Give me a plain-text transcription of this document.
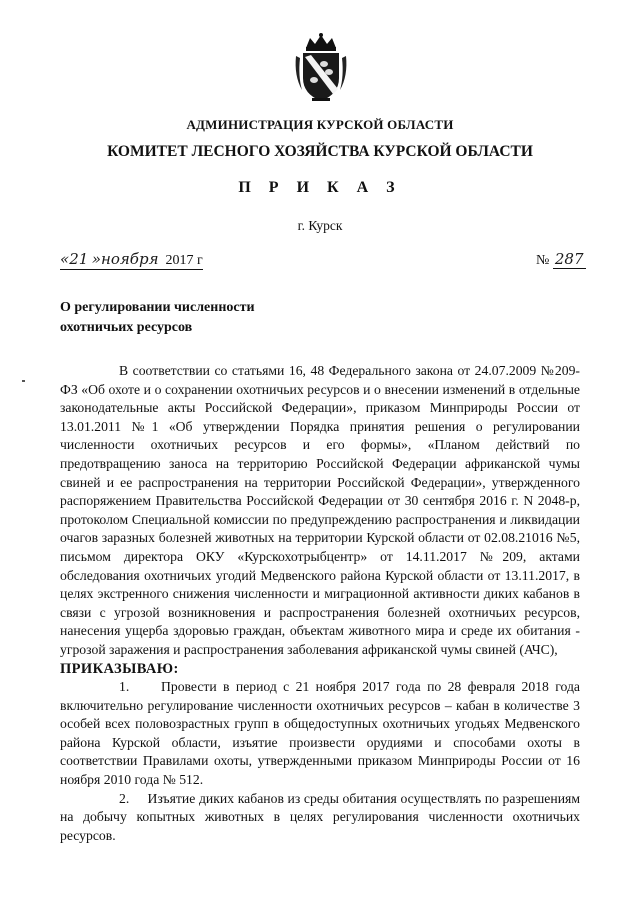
АДМИНИСТРАЦИЯ КУРСКОЙ ОБЛАСТИ
КОМИТЕТ ЛЕСНОГО ХОЗЯЙСТВА КУРСКОЙ ОБЛАСТИ
П Р И К А З
г. Курск
«21 »ноября 2017 г	№ 287
О регулировании численности
охотничьих ресурсов

В соответствии со статьями 16, 48 Федерального закона от 24.07.2009 №209-ФЗ «Об охоте и о сохранении охотничьих ресурсов и о внесении изменений в отдельные законодательные акты Российской Федерации», приказом Минприроды России от 13.01.2011 №1 «Об утверждении Порядка принятия решения о регулировании численности охотничьих ресурсов и его формы», «Планом действий по предотвращению заноса на территорию Российской Федерации африканской чумы свиней и ее распространения на территории Российской Федерации», утвержденного распоряжением Правительства Российской Федерации от 30 сентября 2016 г. N 2048-р, протоколом Специальной комиссии по предупреждению распространения и ликвидации очагов заразных болезней животных на территории Курской области от 02.08.21016 №5, письмом директора ОКУ «Курскохотрыбцентр» от 14.11.2017 №209, актами обследования охотничьих угодий Медвенского района Курской области от 13.11.2017, в целях экстренного снижения численности и миграционной активности диких кабанов в связи с угрозой возникновения и распространения болезней охотничьих ресурсов, нанесения ущерба здоровью граждан, объектам животного мира и среде их обитания - угрозой заражения и распространения заболевания африканской чумы свиней (АЧС),

ПРИКАЗЫВАЮ:

1. Провести в период с 21 ноября 2017 года по 28 февраля 2018 года включительно регулирование численности охотничьих ресурсов – кабан в количестве 3 особей всех половозрастных групп в общедоступных охотничьих угодьях Медвенского района Курской области, изъятие произвести орудиями и способами охоты в соответствии Правилами охоты, утвержденными приказом Минприроды России от 16 ноября 2010 года № 512.

2. Изъятие диких кабанов из среды обитания осуществлять по разрешениям на добычу копытных животных в целях регулирования численности охотничьих ресурсов.
